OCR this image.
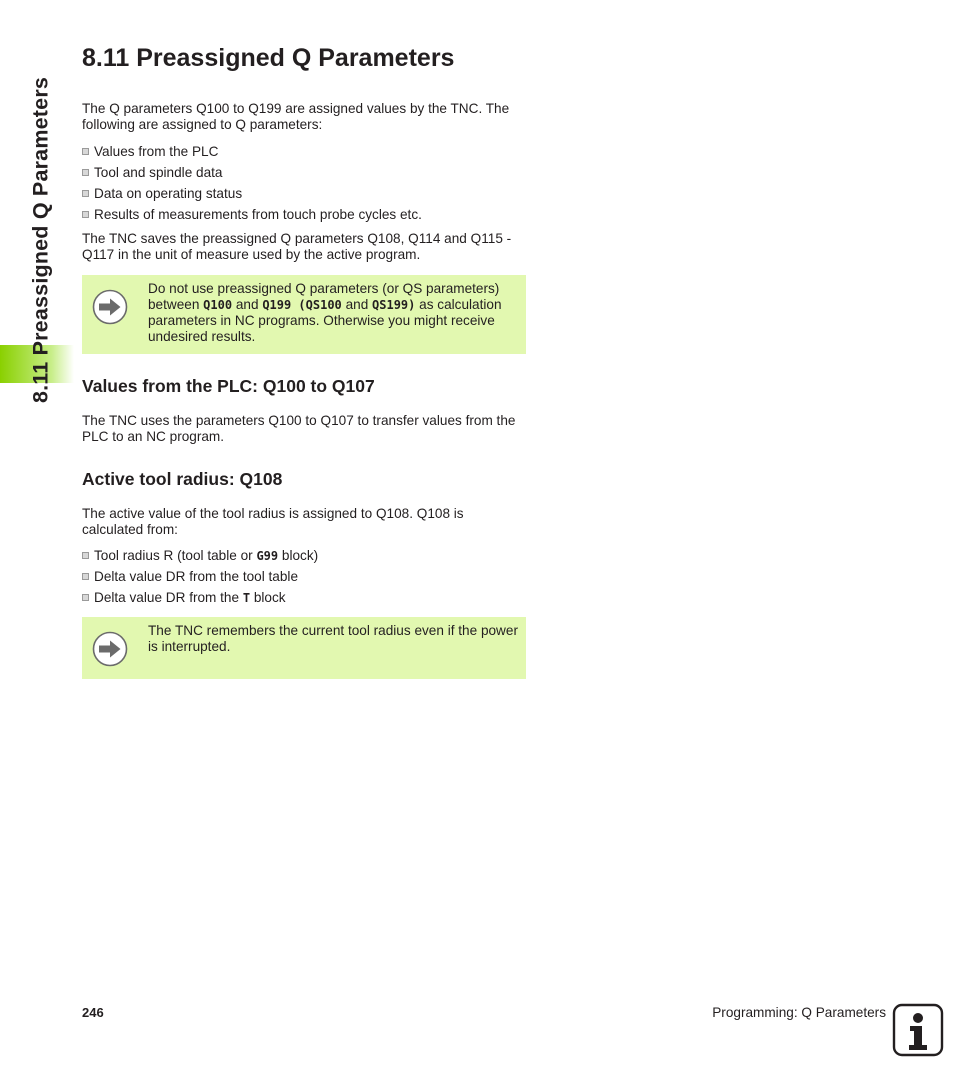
8.11 Preassigned Q Parameters
8.11 Preassigned Q Parameters

The Q parameters Q100 to Q199 are assigned values by the TNC. The following are assigned to Q parameters:

Values from the PLC
Tool and spindle data
Data on operating status
Results of measurements from touch probe cycles etc.

The TNC saves the preassigned Q parameters Q108, Q114 and Q115 - Q117 in the unit of measure used by the active program.

Do not use preassigned Q parameters (or QS parameters) between Q100 and Q199 (QS100 and QS199) as calculation parameters in NC programs. Otherwise you might receive undesired results.

Values from the PLC: Q100 to Q107

The TNC uses the parameters Q100 to Q107 to transfer values from the PLC to an NC program.

Active tool radius: Q108

The active value of the tool radius is assigned to Q108. Q108 is calculated from:

Tool radius R (tool table or G99 block)
Delta value DR from the tool table
Delta value DR from the T block

The TNC remembers the current tool radius even if the power is interrupted.

246	Programming: Q Parameters
